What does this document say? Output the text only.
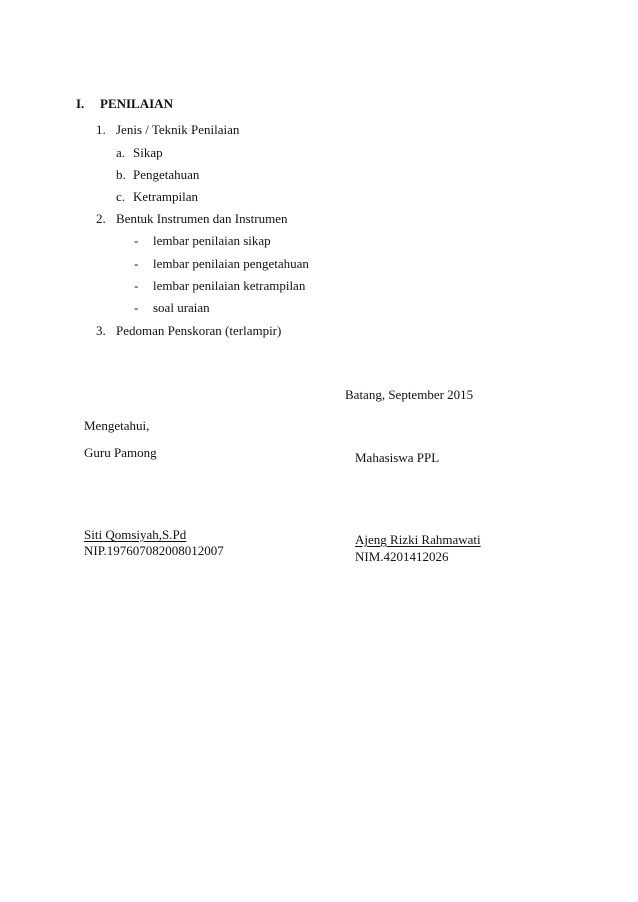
I. PENILAIAN
1. Jenis / Teknik Penilaian
a. Sikap
b. Pengetahuan
c. Ketrampilan
2. Bentuk Instrumen dan Instrumen
- lembar penilaian sikap
- lembar penilaian pengetahuan
- lembar penilaian ketrampilan
- soal uraian
3. Pedoman Penskoran (terlampir)
Batang, September 2015
Mengetahui,
Guru Pamong	Mahasiswa PPL
Siti Qomsiyah,S.Pd
NIP.197607082008012007
Ajeng Rizki Rahmawati
NIM.4201412026
